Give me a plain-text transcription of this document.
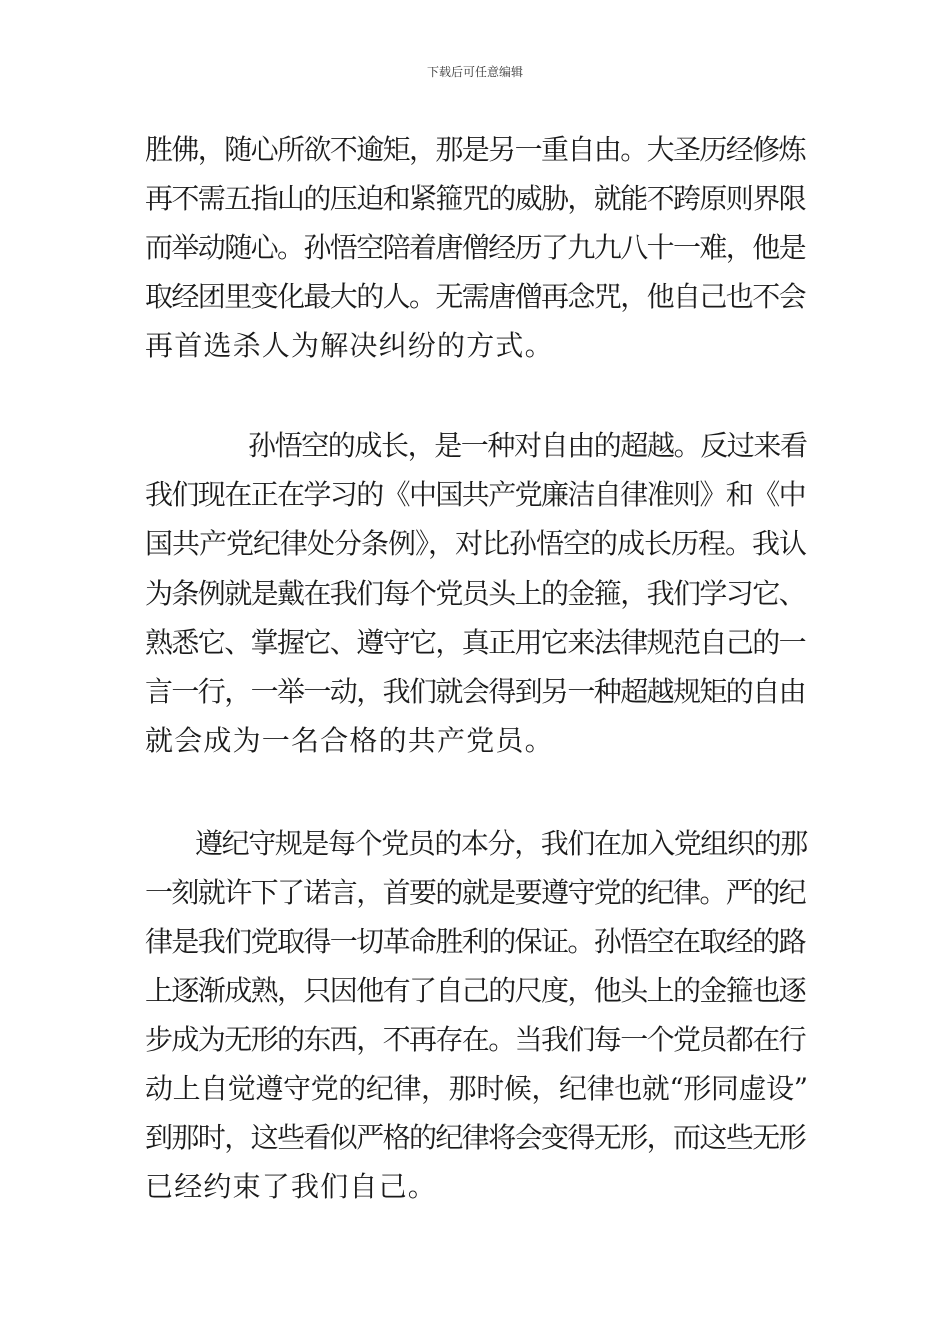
下载后可任意编辑
胜佛，随心所欲不逾矩，那是另一重自由。大圣历经修炼
再不需五指山的压迫和紧箍咒的威胁，就能不跨原则界限
而举动随心。孙悟空陪着唐僧经历了九九八十一难，他是
取经团里变化最大的人。无需唐僧再念咒，他自己也不会
再首选杀人为解决纠纷的方式。
孙悟空的成长，是一种对自由的超越。反过来看
我们现在正在学习的《中国共产党廉洁自律准则》和《中
国共产党纪律处分条例》，对比孙悟空的成长历程。我认
为条例就是戴在我们每个党员头上的金箍，我们学习它、
熟悉它、掌握它、遵守它，真正用它来法律规范自己的一
言一行，一举一动，我们就会得到另一种超越规矩的自由
就会成为一名合格的共产党员。
遵纪守规是每个党员的本分，我们在加入党组织的那
一刻就许下了诺言，首要的就是要遵守党的纪律。严的纪
律是我们党取得一切革命胜利的保证。孙悟空在取经的路
上逐渐成熟，只因他有了自己的尺度，他头上的金箍也逐
步成为无形的东西，不再存在。当我们每一个党员都在行
动上自觉遵守党的纪律，那时候，纪律也就“形同虚设”
到那时，这些看似严格的纪律将会变得无形，而这些无形
已经约束了我们自己。
